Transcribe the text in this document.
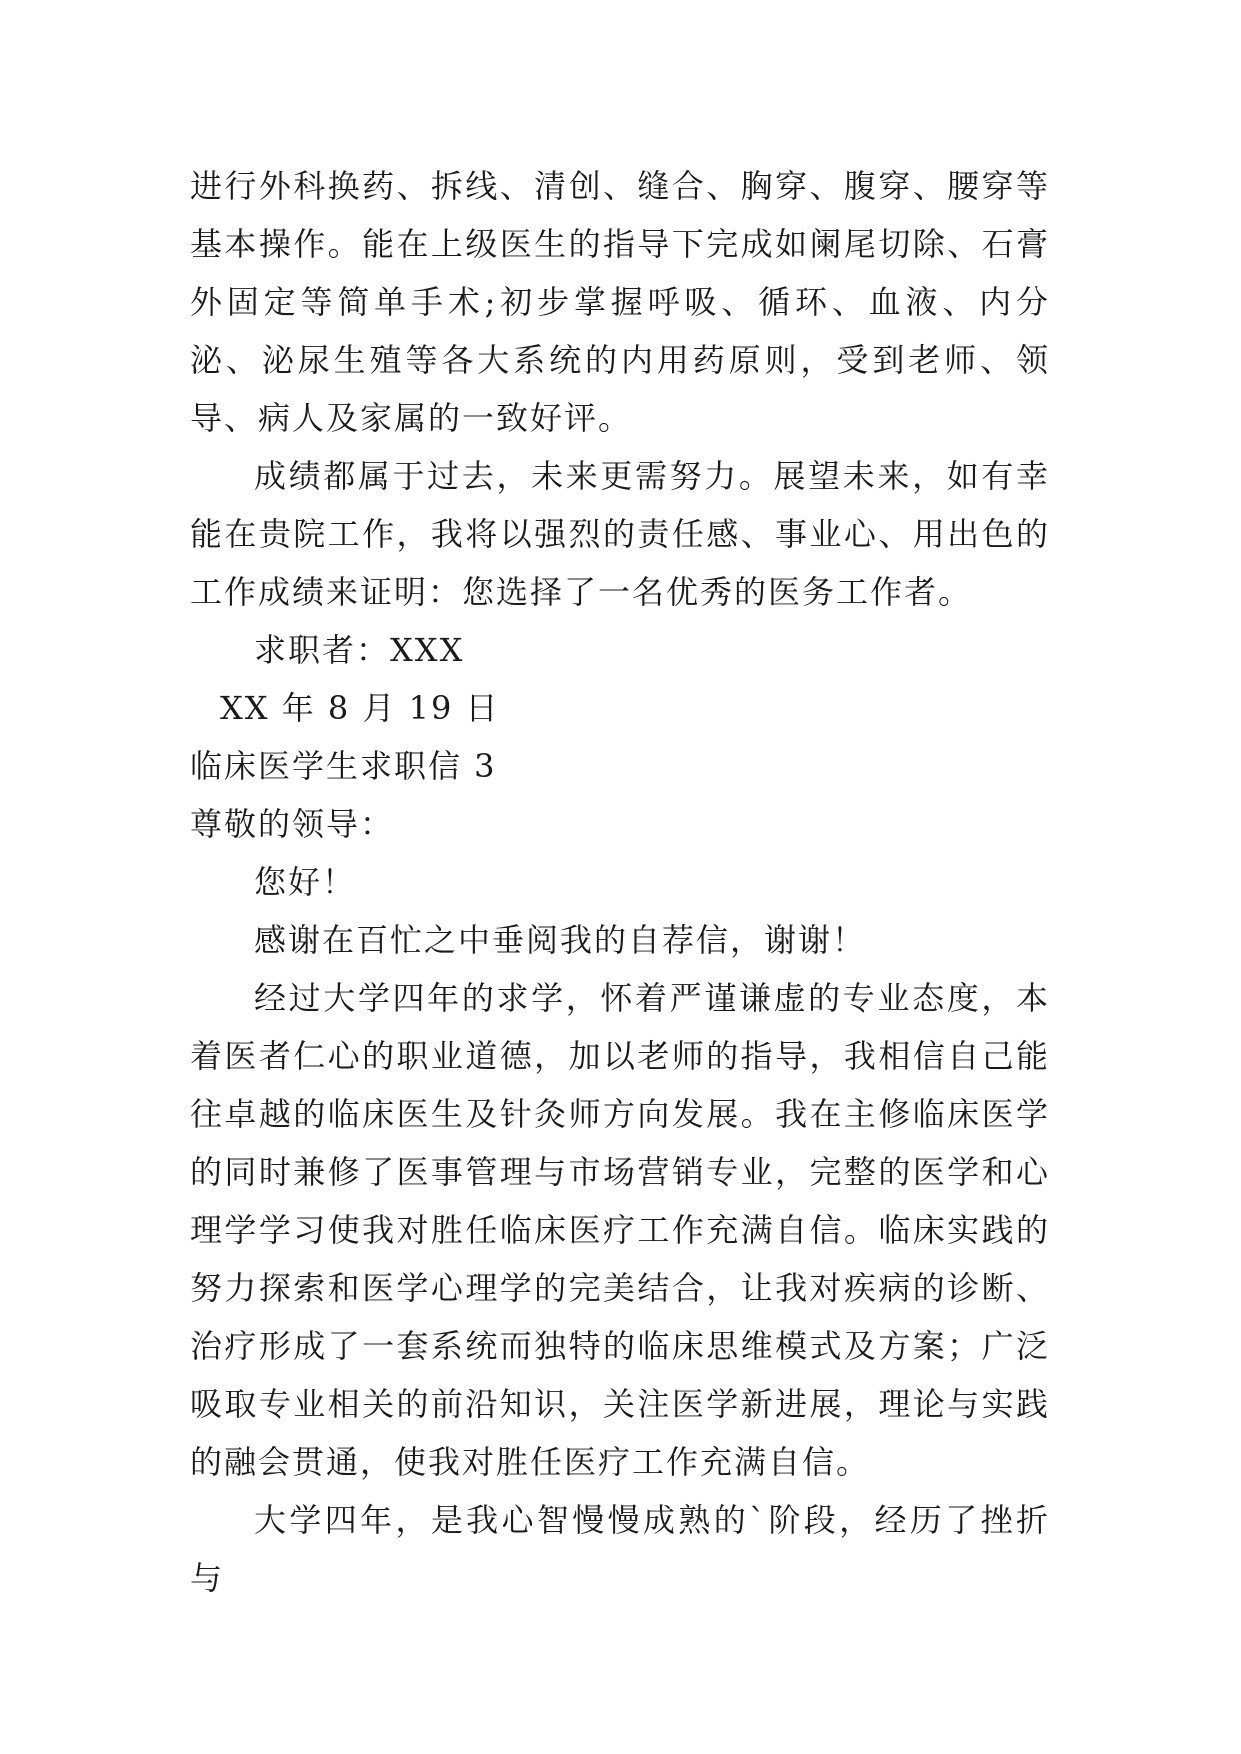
进行外科换药、拆线、清创、缝合、胸穿、腹穿、腰穿等基本操作。能在上级医生的指导下完成如阑尾切除、石膏外固定等简单手术;初步掌握呼吸、循环、血液、内分泌、泌尿生殖等各大系统的内用药原则，受到老师、领导、病人及家属的一致好评。

成绩都属于过去，未来更需努力。展望未来，如有幸能在贵院工作，我将以强烈的责任感、事业心、用出色的工作成绩来证明：您选择了一名优秀的医务工作者。

求职者：XXX

XX 年 8 月 19 日

临床医学生求职信 3

尊敬的领导：

您好！

感谢在百忙之中垂阅我的自荐信，谢谢！

经过大学四年的求学，怀着严谨谦虚的专业态度，本着医者仁心的职业道德，加以老师的指导，我相信自己能往卓越的临床医生及针灸师方向发展。我在主修临床医学的同时兼修了医事管理与市场营销专业，完整的医学和心理学学习使我对胜任临床医疗工作充满自信。临床实践的努力探索和医学心理学的完美结合，让我对疾病的诊断、治疗形成了一套系统而独特的临床思维模式及方案；广泛吸取专业相关的前沿知识，关注医学新进展，理论与实践的融会贯通，使我对胜任医疗工作充满自信。

大学四年，是我心智慢慢成熟的`阶段，经历了挫折与
